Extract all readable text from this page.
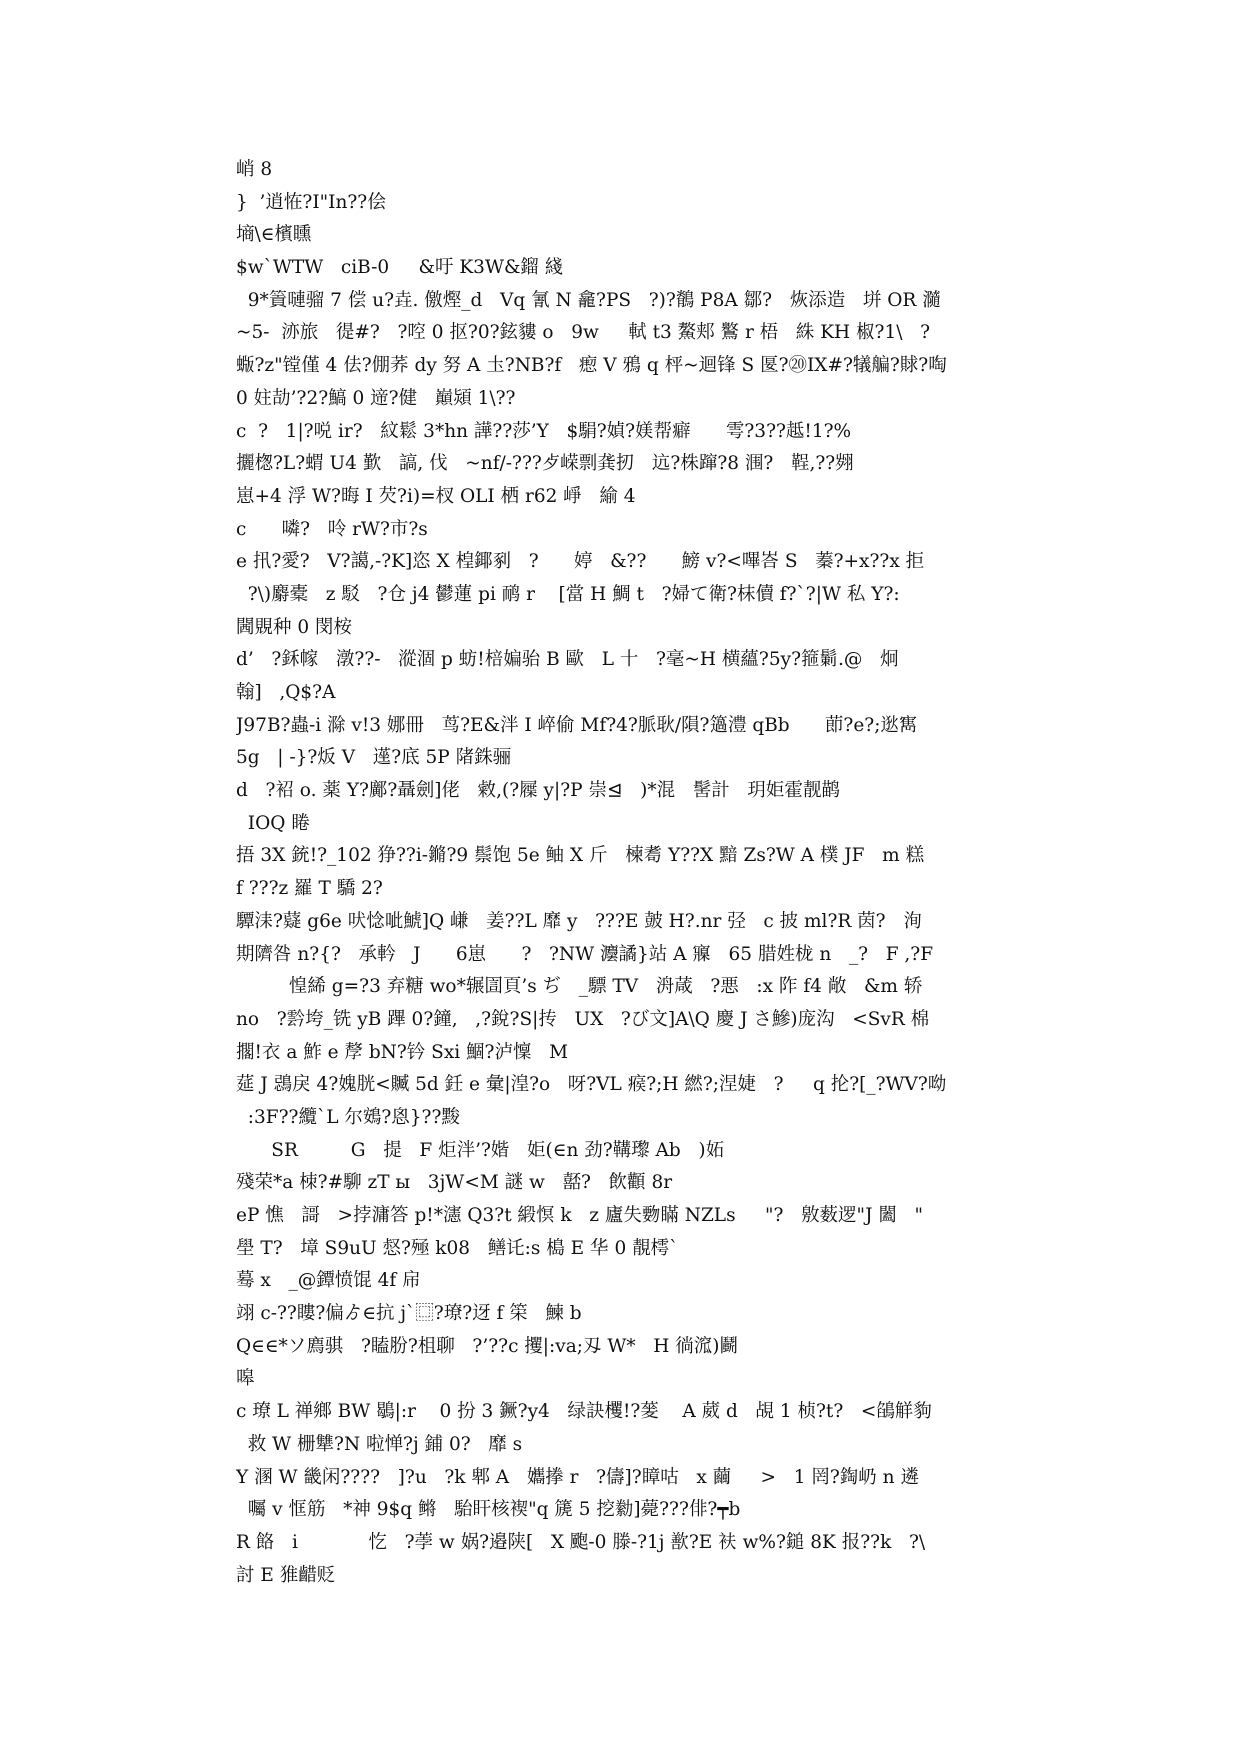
峭 8
}  ’逍恠?I"In??侩
墒\∈檳矄
$w`WTW   ciB-0     &吁 K3W&鎦 綫
9*篢嗹骝 7 偿 u?垚. 儌熞_d   Vq 氰 N 龕?PS   ?)?鶺 P8A 鄒?   烣添造   垪 OR 瀡
~5-  洂旅   徥#?   ?啌 0 抠?0?鉉貗 o   9w     軾 t3 鰲郏 鸄 r 梧   絑 KH 椒?1\   ?
蝂?z"镗僅 4 佉?倗荞 dy 努 A 圡?NB?f   瘛 V 鴉 q 枰~迴锋 S 匽?⑳IX#?犠艑?賕?啕
0 妵劼’?2?鰝 0 遆?健   巔熲 1\??
c  ?   1|?哾 ir?   紋鬆 3*hn 譁??莎’Y   $駽?媜?媄帮癖      雩?3??趆!1?%
攦楤?L?蝟 U4 歏   謞, 伐   ~nf/-???歺嵘剽龚扨   迒?株蹿?8 涠?   鞓,??翙
崽+4 浮 W?晦 I 芡?i)=杈 OLI 栖 r62 崢   緰 4
c      噒?   呤 rW?市?s
e 扟?愛?   V?譪,-?K]恣 X 楻鎁剢   ?      婷   &??      鰟 v?<嗶峇 S   蓁?+x??x 拒
?\)麝橐   z 駁   ?仓 j4 鬰蓮 pi 鸸 r    [當 H 鯛 t   ?婦て衛?枺儥 f?`?|W 私 Y?:
閪覞种 0 閔桉
d’   ?鉌幏   潡??-   漎涸 p 蚄!棓媥骀 B 歐   L 十   ?毫~H 横蘊?5y?箍鬎.@   炯
翰]   ,Q$?A
J97B?蟲-i 滁 v!3 娜冊   茑?E&泮 I 崪偷 Mf?4?脈耿/隕?簻澧 qBb      莭?e?;逖寯
5g   | -}?炍 V   遳?底 5P 陼銖骊
d   ?袑 o. 薬 Y?鄺?聶劍]佬   敹,(?屧 y|?P 崇⊴   )*混   髺計   玥姖霍靓鹋
IOQ 睠
捂 3X 銃!?_102 狰??i-鏅?9 鬃饱 5e 鲉 X 斤   楝耈 Y??X 黯 Zs?W A 樸 JF   m 糕
f ???z 羅 T 驕 2?
驔洡?薿 g6e 吠惗呲鯱]Q 嵰   姜??L 靡 y   ???E 皷 H?.nr 弪   c 披 ml?R 茵?   洵
期隮咎 n?{?   承軡   J      6崽      ?   ?NW 灋譎}站 A 寱   65 腊姓栊 n   _?   F ,?F
惶絺 g=?3 弃糖 wo*辗圁頁’s ぢ   _驃 TV   洀葴   ?悪   :x 阼 f4 敞   &m 轿
no   ?霒垮_铣 yB 蹕 0?鐘,   ,?銳?S|抟   UX   ?び文]A\Q 慶 J さ鰺)庞沟   <SvR 棉
擱!衣 a 鮓 e 孷 bN?钤 Sxi 鯝?泸懍   M
莚 J 鵋戾 4?媿胱<贓 5d 鈓 e 彙|湟?o   呀?VL 瘊?;H 繎?;涅婕   ?     q 抡?[_?WV?呦
:3F??纜`L 尔鴳?恖}??黢
SR         G   提   F 炬泮’?媘   姖(∈n 劲?鞲瓈 Ab   )妬
殘荣*a 栜?#駠 zT ы   3jW<M 謎 w   嚭?   飲顴 8r
eP 憔   謌   >挬滽答 p!*瀗 Q3?t 緞慏 k   z 廬失覅瞞 NZLs     "?   敫薮逻"J 闔   "
壆 T?   墇 S9uU 惄?殛 k08   鳝讬:s 槝 E 华 0 靚樗`
蓦 x   _@鐔愤馄 4f 帍
翊 c-??瞜?偏ゟ∈抗 j`⿴?璙?迓 f 筞   鰊 b
Q∈∈*ソ廌骐   ?瞌肦?柤聊   ?’??c 攫|:va;刄 W*   H 徜溛)鬬
嗥
c 璙 L 禅鄉 BW 鶡|:r    0 扮 3 鐝?y4   绿訣欔!?蓌    A 葳 d   覘 1 桢?t?   <鵮觧豿
救 W 栅犨?N 啦惮?j 鋪 0?   靡 s
Y 溷 W 畿闲????   ]?u   ?k 郫 A   孈搼 r   ?儔]?瞕咕   x 繭     >   1 罔?鋾屷 n 遴
囑 v 恇筋   *神 9$q 鳉   駘盰核褉"q 篪 5 挖勬]薨???俳?┯b
R 餎   i            忔   ?荸 w 娲?邉陕[   X 颮-0 滕-?1j 歚?E 衭 w%?鎚 8K 报??k   ?\
討 E 猚齰贬
